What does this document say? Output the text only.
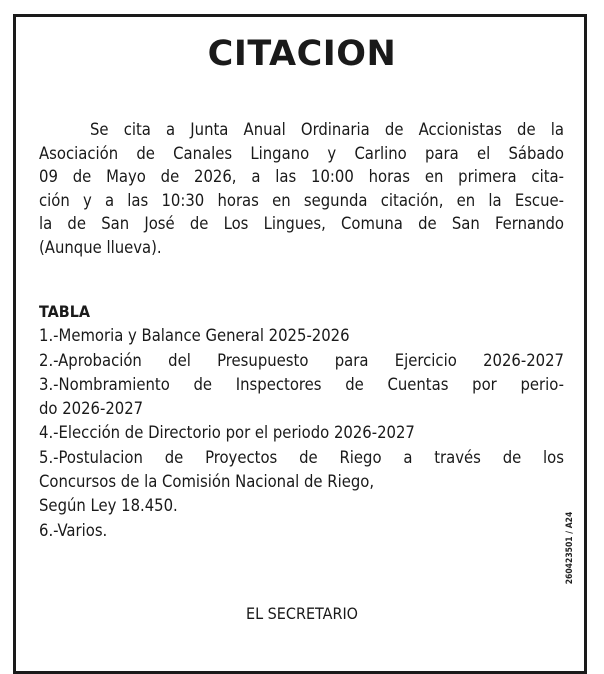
CITACION

Se cita a Junta Anual Ordinaria de Accionistas de la
Asociación de Canales Lingano y Carlino para el Sábado
09 de Mayo de 2026, a las 10:00 horas en primera cita-
ción y a las 10:30 horas en segunda citación, en la Escue-
la de San José de Los Lingues, Comuna de San Fernando
(Aunque llueva).

TABLA

1.-Memoria y Balance General 2025-2026
2.-Aprobación del Presupuesto para Ejercicio 2026-2027
3.-Nombramiento de Inspectores de Cuentas por perio-
do 2026-2027
4.-Elección de Directorio por el periodo 2026-2027
5.-Postulacion de Proyectos de Riego a través de los
Concursos de la Comisión Nacional de Riego,
Según Ley 18.450.
6.-Varios.
EL SECRETARIO
260423501 / A24
